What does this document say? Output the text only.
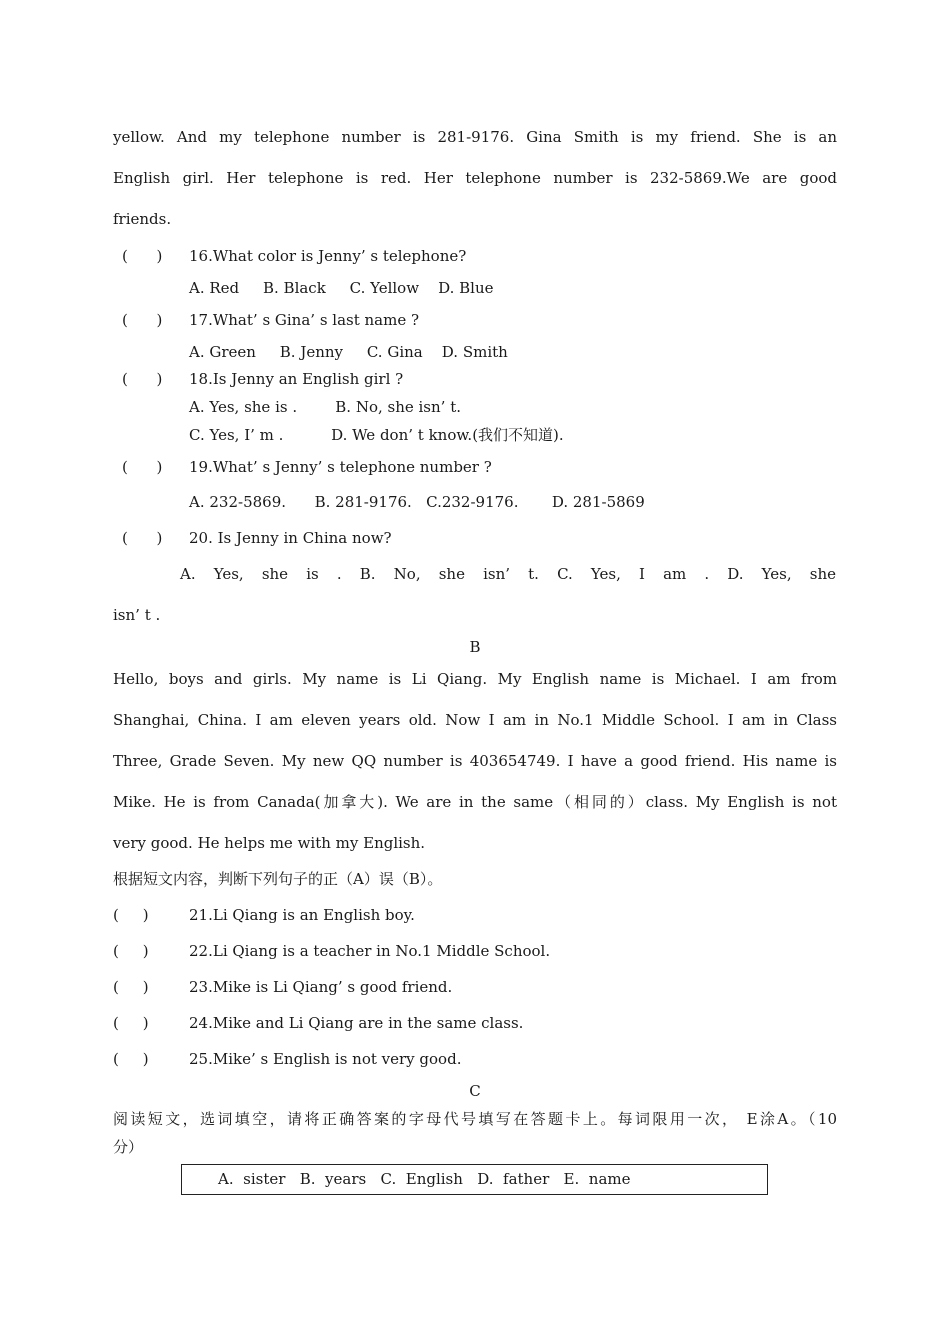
yellow. And my telephone number is 281-9176. Gina Smith is my friend. She is an
English girl. Her telephone is red. Her telephone number is 232-5869.We are good
friends.
(      ) 16.What color is Jenny’ s telephone?
A. Red     B. Black     C. Yellow    D. Blue
(      ) 17.What’ s Gina’ s last name ?
A. Green     B. Jenny     C. Gina    D. Smith
(      ) 18.Is Jenny an English girl ?
A. Yes, she is .        B. No, she isn’ t.
C. Yes, I’ m .          D. We don’ t know.(我们不知道).
(      ) 19.What’ s Jenny’ s telephone number ?
A. 232-5869.      B. 281-9176.   C.232-9176.       D. 281-5869
(      ) 20. Is Jenny in China now?
A. Yes, she is . B. No, she isn’ t. C. Yes, I am . D. Yes, she
isn’ t .
B
Hello, boys and girls. My name is Li Qiang. My English name is Michael. I am from
Shanghai, China. I am eleven years old. Now I am in No.1 Middle School. I am in Class
Three, Grade Seven. My new QQ number is 403654749. I have a good friend. His name is
Mike. He is from Canada(加拿大). We are in the same（相同的）class. My English is not
very good. He helps me with my English.
根据短文内容，判断下列句子的正（A）误（B）。
(     )	21.Li Qiang is an English boy.
(     )	22.Li Qiang is a teacher in No.1 Middle School.
(     )	23.Mike is Li Qiang’ s good friend.
(     )	24.Mike and Li Qiang are in the same class.
(     )	25.Mike’ s English is not very good.
C
阅读短文，选词填空，请将正确答案的字母代号填写在答题卡上。每词限用一次， E涂A。（10
分）
A.  sister   B.  years   C.  English   D.  father   E.  name
